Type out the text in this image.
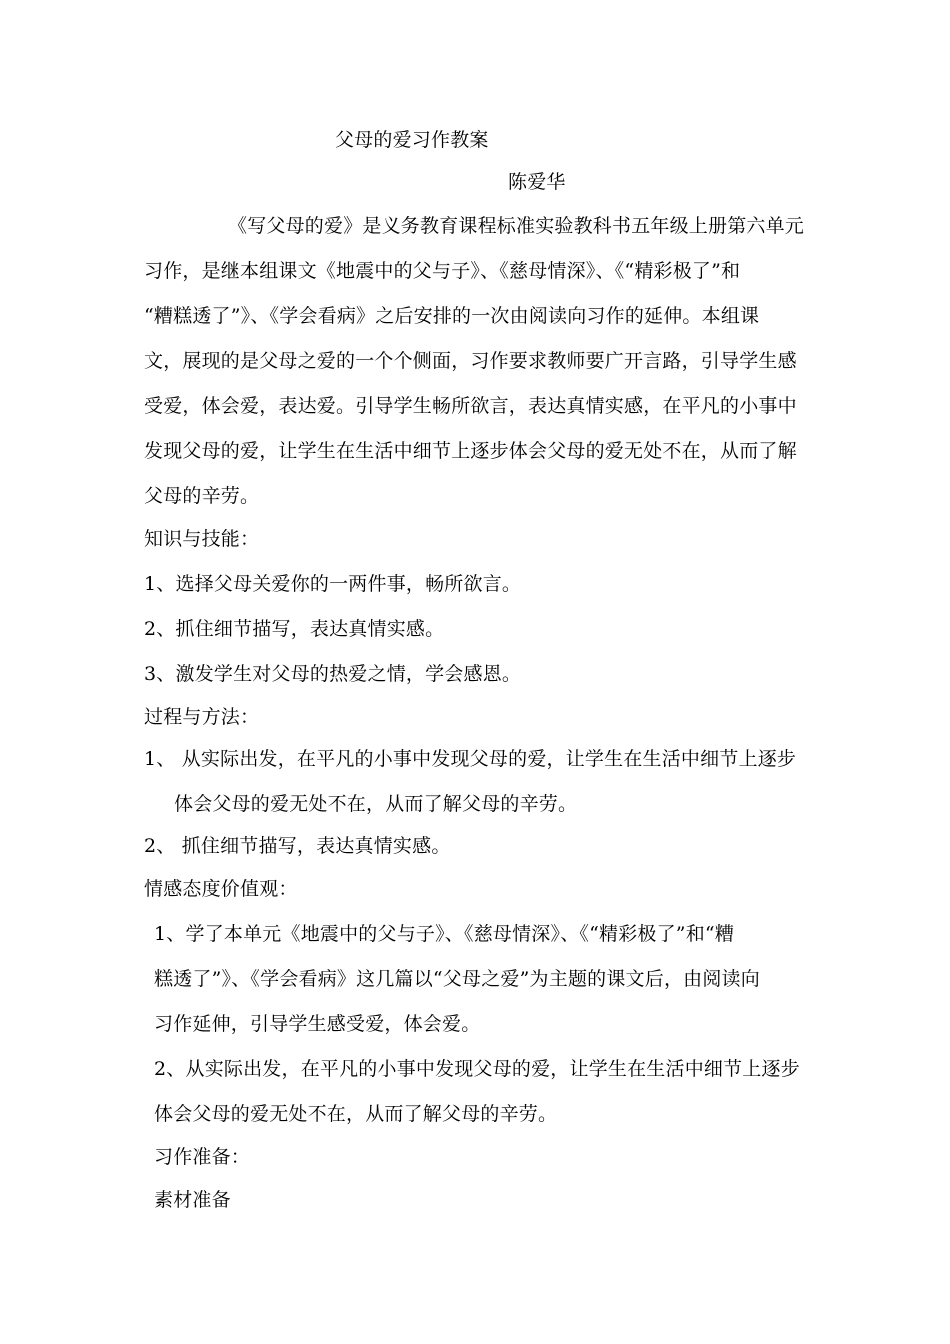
父母的爱习作教案
陈爱华
《写父母的爱》是义务教育课程标准实验教科书五年级上册第六单元
习作，是继本组课文《地震中的父与子》、《慈母情深》、《“精彩极了”和
“糟糕透了”》、《学会看病》之后安排的一次由阅读向习作的延伸。本组课
文，展现的是父母之爱的一个个侧面，习作要求教师要广开言路，引导学生感
受爱，体会爱，表达爱。引导学生畅所欲言，表达真情实感，在平凡的小事中
发现父母的爱，让学生在生活中细节上逐步体会父母的爱无处不在，从而了解
父母的辛劳。
知识与技能：
1、选择父母关爱你的一两件事，畅所欲言。
2、抓住细节描写，表达真情实感。
3、激发学生对父母的热爱之情，学会感恩。
过程与方法：
1、 从实际出发，在平凡的小事中发现父母的爱，让学生在生活中细节上逐步
体会父母的爱无处不在，从而了解父母的辛劳。
2、 抓住细节描写，表达真情实感。
情感态度价值观：
1、学了本单元《地震中的父与子》、《慈母情深》、《“精彩极了”和“糟
糕透了”》、《学会看病》这几篇以“父母之爱”为主题的课文后，由阅读向
习作延伸，引导学生感受爱，体会爱。
2、从实际出发，在平凡的小事中发现父母的爱，让学生在生活中细节上逐步
体会父母的爱无处不在，从而了解父母的辛劳。
习作准备：
素材准备
